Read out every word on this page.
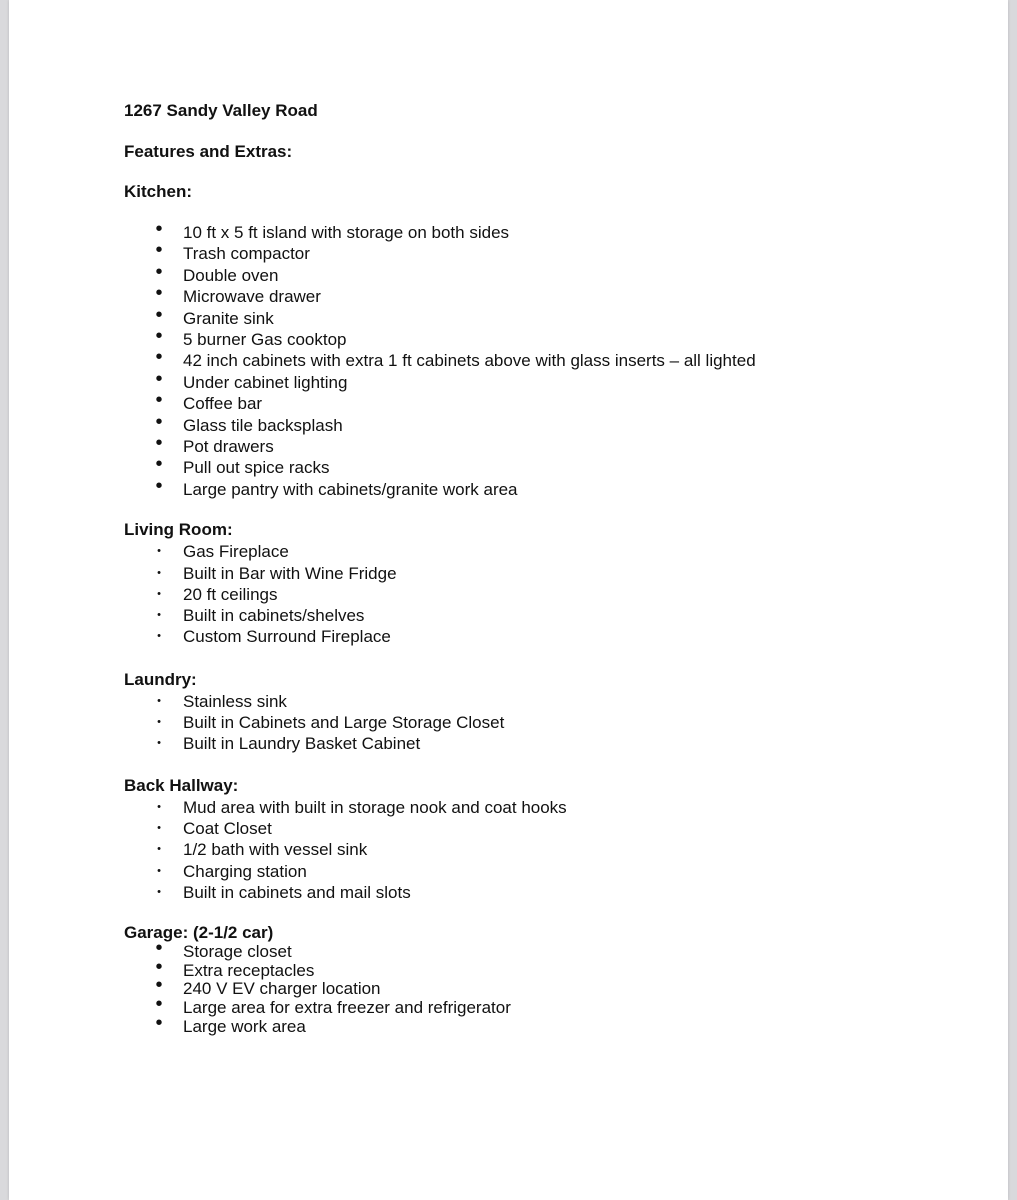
1267 Sandy Valley Road

Features and Extras:

Kitchen:

• 10 ft x 5 ft island with storage on both sides
• Trash compactor
• Double oven
• Microwave drawer
• Granite sink
• 5 burner Gas cooktop
• 42 inch cabinets with extra 1 ft cabinets above with glass inserts – all lighted
• Under cabinet lighting
• Coffee bar
• Glass tile backsplash
• Pot drawers
• Pull out spice racks
• Large pantry with cabinets/granite work area

Living Room:

• Gas Fireplace
• Built in Bar with Wine Fridge
• 20 ft ceilings
• Built in cabinets/shelves
• Custom Surround Fireplace

Laundry:

• Stainless sink
• Built in Cabinets and Large Storage Closet
• Built in Laundry Basket Cabinet

Back Hallway:

• Mud area with built in storage nook and coat hooks
• Coat Closet
• 1/2 bath with vessel sink
• Charging station
• Built in cabinets and mail slots

Garage: (2-1/2 car)

• Storage closet
• Extra receptacles
• 240 V EV charger location
• Large area for extra freezer and refrigerator
• Large work area
